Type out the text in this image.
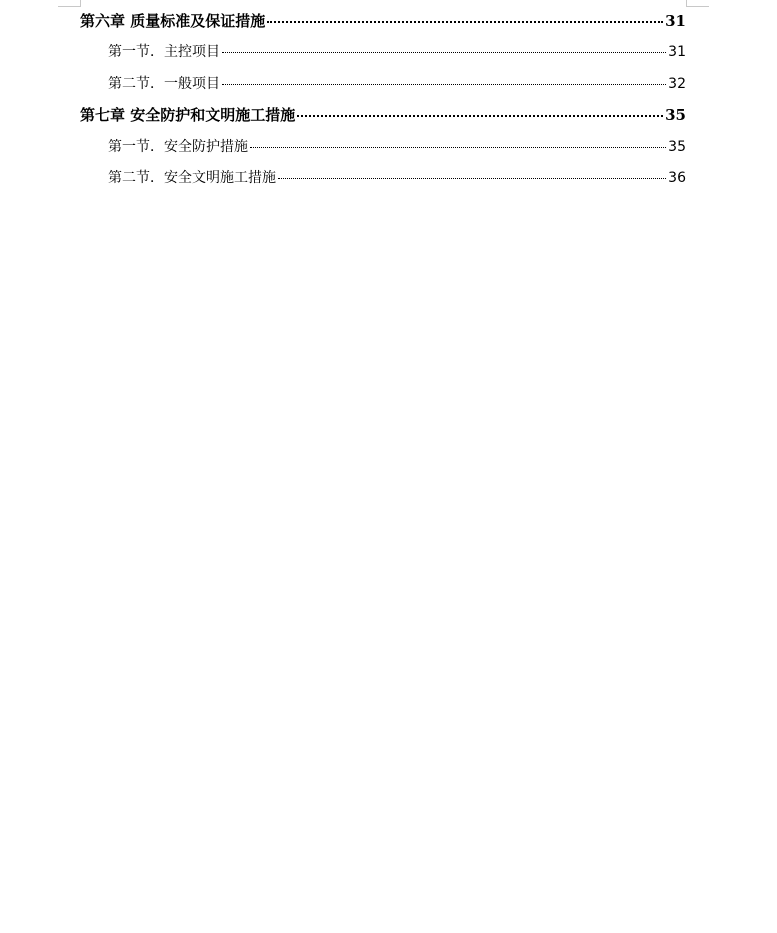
第六章 质量标准及保证措施	31
第一节．主控项目	31
第二节．一般项目	32
第七章 安全防护和文明施工措施	35
第一节．安全防护措施	35
第二节．安全文明施工措施	36
